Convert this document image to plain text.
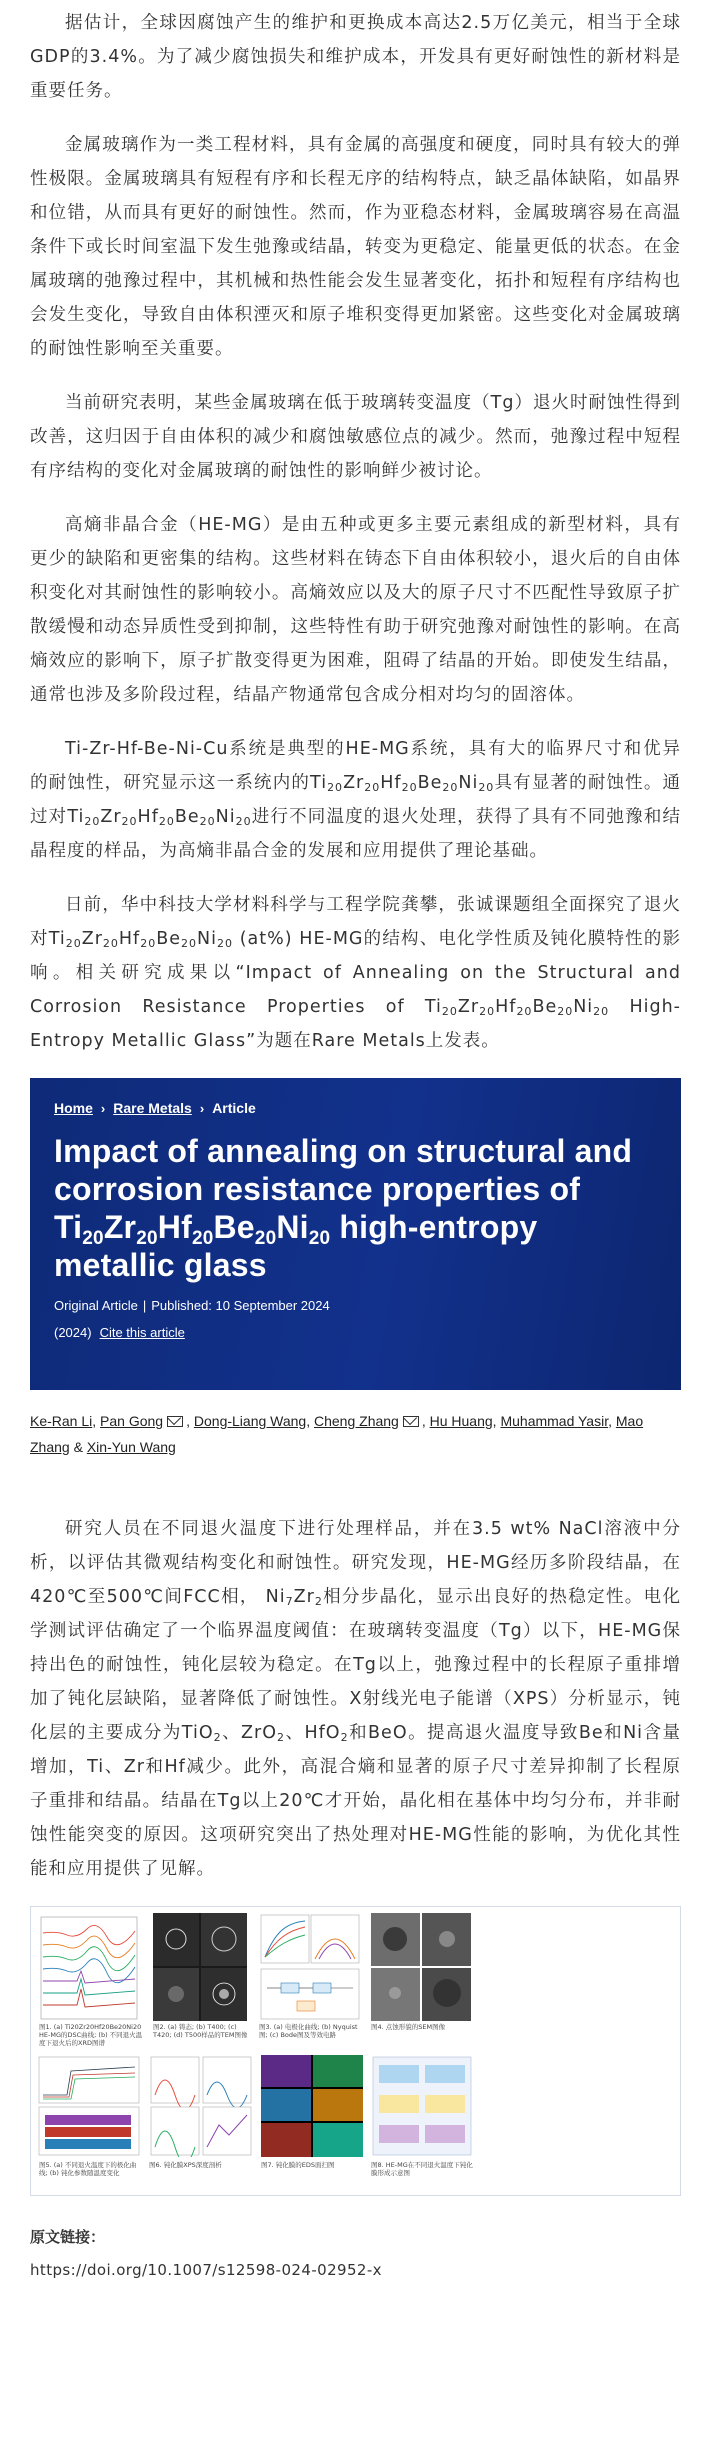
据估计，全球因腐蚀产生的维护和更换成本高达2.5万亿美元，相当于全球GDP的3.4%。为了减少腐蚀损失和维护成本，开发具有更好耐蚀性的新材料是重要任务。

金属玻璃作为一类工程材料，具有金属的高强度和硬度，同时具有较大的弹性极限。金属玻璃具有短程有序和长程无序的结构特点，缺乏晶体缺陷，如晶界和位错，从而具有更好的耐蚀性。然而，作为亚稳态材料，金属玻璃容易在高温条件下或长时间室温下发生弛豫或结晶，转变为更稳定、能量更低的状态。在金属玻璃的弛豫过程中，其机械和热性能会发生显著变化，拓扑和短程有序结构也会发生变化，导致自由体积湮灭和原子堆积变得更加紧密。这些变化对金属玻璃的耐蚀性影响至关重要。

当前研究表明，某些金属玻璃在低于玻璃转变温度（Tg）退火时耐蚀性得到改善，这归因于自由体积的减少和腐蚀敏感位点的减少。然而，弛豫过程中短程有序结构的变化对金属玻璃的耐蚀性的影响鲜少被讨论。

高熵非晶合金（HE-MG）是由五种或更多主要元素组成的新型材料，具有更少的缺陷和更密集的结构。这些材料在铸态下自由体积较小，退火后的自由体积变化对其耐蚀性的影响较小。高熵效应以及大的原子尺寸不匹配性导致原子扩散缓慢和动态异质性受到抑制，这些特性有助于研究弛豫对耐蚀性的影响。在高熵效应的影响下，原子扩散变得更为困难，阻碍了结晶的开始。即使发生结晶，通常也涉及多阶段过程，结晶产物通常包含成分相对均匀的固溶体。

Ti-Zr-Hf-Be-Ni-Cu系统是典型的HE-MG系统，具有大的临界尺寸和优异的耐蚀性，研究显示这一系统内的$Ti_{20}Zr_{20}Hf_{20}Be_{20}Ni_{20}$具有显著的耐蚀性。通过对$Ti_{20}Zr_{20}Hf_{20}Be_{20}Ni_{20}$进行不同温度的退火处理，获得了具有不同弛豫和结晶程度的样品，为高熵非晶合金的发展和应用提供了理论基础。

日前，华中科技大学材料科学与工程学院龚攀，张诚课题组全面探究了退火对$Ti_{20}Zr_{20}Hf_{20}Be_{20}Ni_{20}$ (at%) HE-MG的结构、电化学性质及钝化膜特性的影响。相关研究成果以“Impact of Annealing on the Structural and Corrosion Resistance Properties of $Ti_{20}Zr_{20}Hf_{20}Be_{20}Ni_{20}$ High-Entropy Metallic Glass”为题在Rare Metals上发表。

Home › Rare Metals › Article
Impact of annealing on structural and corrosion resistance properties of $Ti_{20}Zr_{20}Hf_{20}Be_{20}Ni_{20}$ high-entropy metallic glass
Original Article | Published: 10 September 2024
(2024) Cite this article
Ke-Ran Li, Pan Gong , Dong-Liang Wang, Cheng Zhang , Hu Huang, Muhammad Yasir, Mao Zhang & Xin-Yun Wang

研究人员在不同退火温度下进行处理样品，并在3.5 wt% NaCl溶液中分析，以评估其微观结构变化和耐蚀性。研究发现，HE-MG经历多阶段结晶，在420℃至500℃间FCC相， $Ni_7Zr_2$相分步晶化，显示出良好的热稳定性。电化学测试评估确定了一个临界温度阈值：在玻璃转变温度（Tg）以下，HE-MG保持出色的耐蚀性，钝化层较为稳定。在Tg以上，弛豫过程中的长程原子重排增加了钝化层缺陷，显著降低了耐蚀性。X射线光电子能谱（XPS）分析显示，钝化层的主要成分为TiO$_2$、ZrO$_2$、HfO$_2$和BeO。提高退火温度导致Be和Ni含量增加，Ti、Zr和Hf减少。此外，高混合熵和显著的原子尺寸差异抑制了长程原子重排和结晶。结晶在Tg以上20℃才开始，晶化相在基体中均匀分布，并非耐蚀性能突变的原因。这项研究突出了热处理对HE-MG性能的影响，为优化其性能和应用提供了见解。

图1. (a) Ti20Zr20Hf20Be20Ni20 HE-MG的DSC曲线; (b) 不同退火温度下退火后的XRD图谱
图2. (a) 铸态; (b) T400; (c) T420; (d) T500样品的TEM图像
图3. (a) 电极化曲线; (b) Nyquist图; (c) Bode图及等效电路
图4. 点蚀形貌的SEM图像
图7. 钝化膜的EDS面扫图	图8. HE-MG在不同退火温度下钝化膜形成示意图
图5. (a) 不同退火温度下的极化曲线; (b) 钝化参数随温度变化
图6. 钝化膜XPS深度剖析
原文链接：
https://doi.org/10.1007/s12598-024-02952-x
